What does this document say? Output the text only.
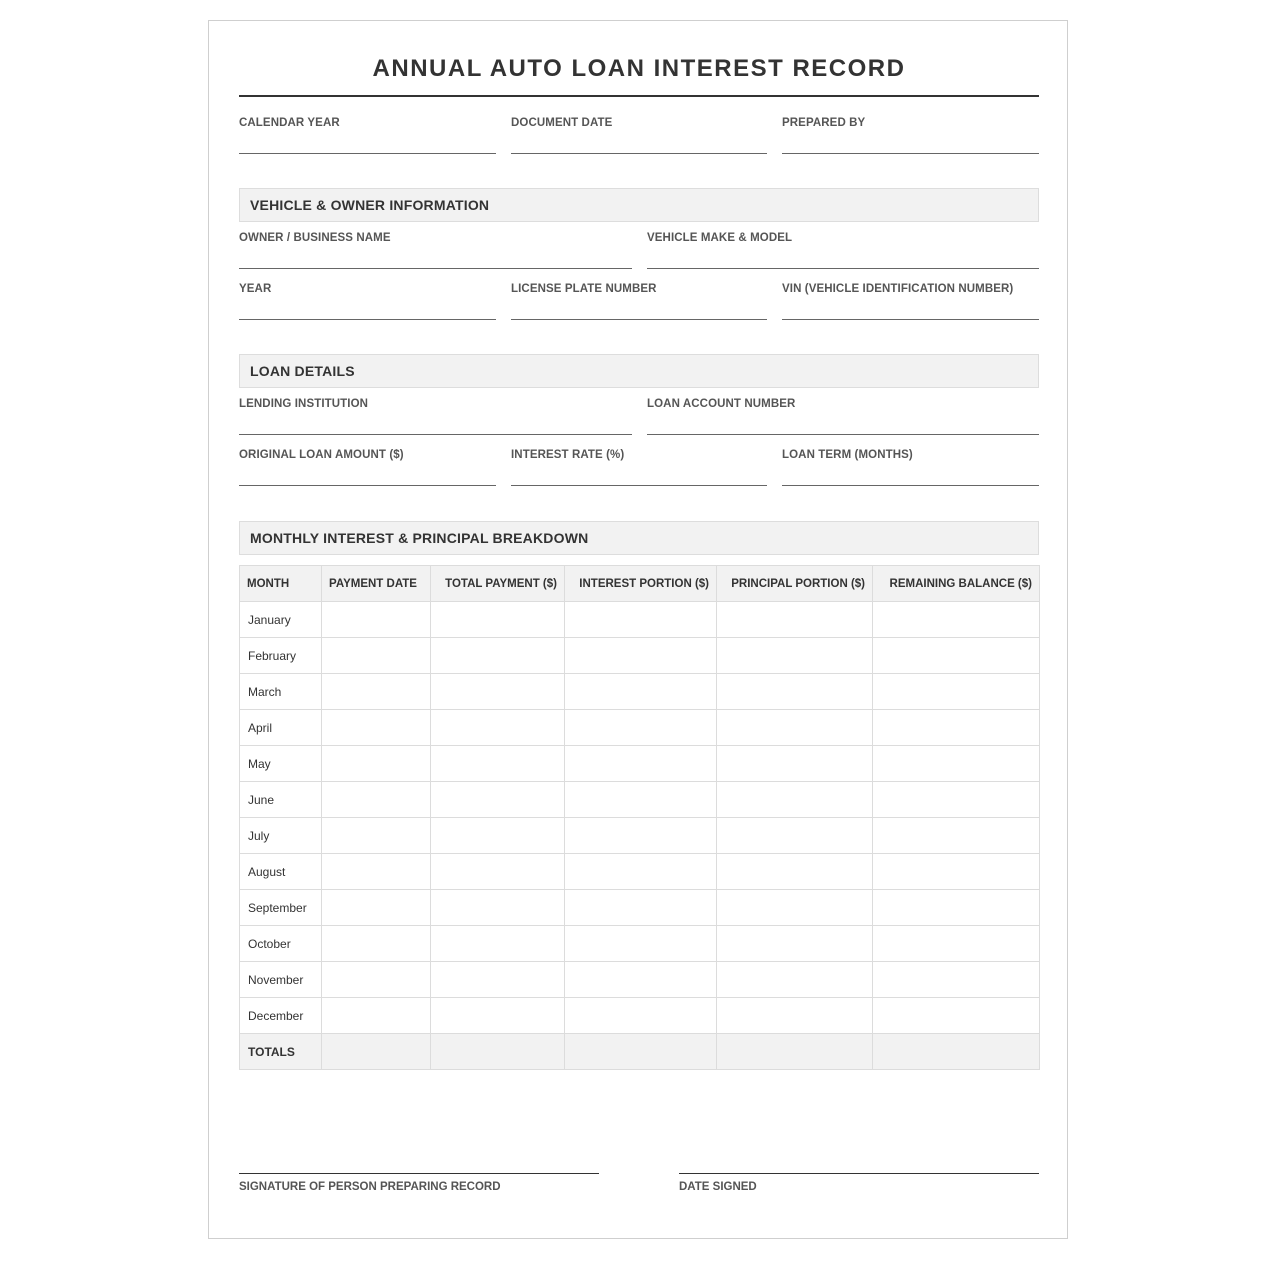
ANNUAL AUTO LOAN INTEREST RECORD
CALENDAR YEAR	DOCUMENT DATE	PREPARED BY
VEHICLE & OWNER INFORMATION
OWNER / BUSINESS NAME	VEHICLE MAKE & MODEL
YEAR	LICENSE PLATE NUMBER	VIN (VEHICLE IDENTIFICATION NUMBER)
LOAN DETAILS
LENDING INSTITUTION	LOAN ACCOUNT NUMBER
ORIGINAL LOAN AMOUNT ($)	INTEREST RATE (%)	LOAN TERM (MONTHS)
MONTHLY INTEREST & PRINCIPAL BREAKDOWN
MONTH	PAYMENT DATE	TOTAL PAYMENT ($)	INTEREST PORTION ($)	PRINCIPAL PORTION ($)	REMAINING BALANCE ($)
January					
February					
March					
April					
May					
June					
July					
August					
September					
October					
November					
December					
TOTALS					
SIGNATURE OF PERSON PREPARING RECORD	DATE SIGNED
